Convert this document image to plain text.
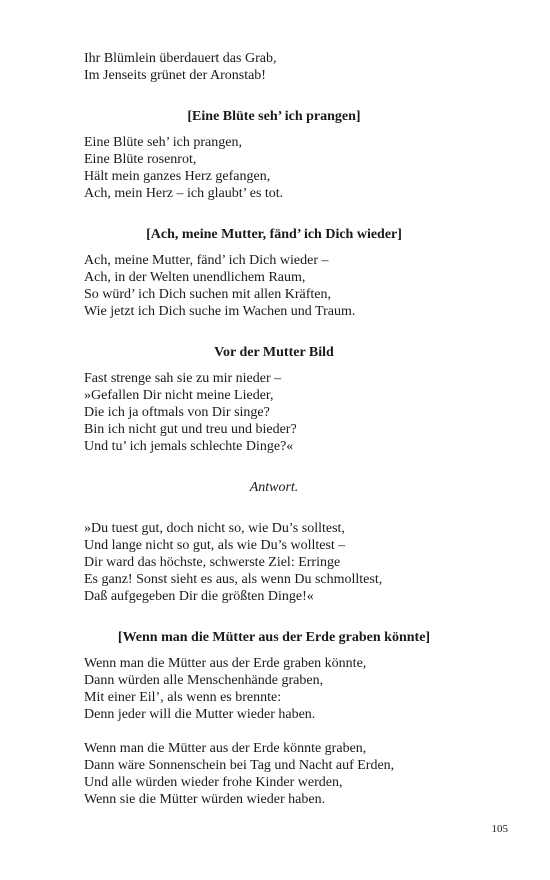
Ihr Blümlein überdauert das Grab,
Im Jenseits grünet der Aronstab!
[Eine Blüte seh’ ich prangen]
Eine Blüte seh’ ich prangen,
Eine Blüte rosenrot,
Hält mein ganzes Herz gefangen,
Ach, mein Herz – ich glaubt’ es tot.
[Ach, meine Mutter, fänd’ ich Dich wieder]
Ach, meine Mutter, fänd’ ich Dich wieder –
Ach, in der Welten unendlichem Raum,
So würd’ ich Dich suchen mit allen Kräften,
Wie jetzt ich Dich suche im Wachen und Traum.
Vor der Mutter Bild
Fast strenge sah sie zu mir nieder –
»Gefallen Dir nicht meine Lieder,
Die ich ja oftmals von Dir singe?
Bin ich nicht gut und treu und bieder?
Und tu’ ich jemals schlechte Dinge?«
Antwort.
»Du tuest gut, doch nicht so, wie Du’s solltest,
Und lange nicht so gut, als wie Du’s wolltest –
Dir ward das höchste, schwerste Ziel: Erringe
Es ganz! Sonst sieht es aus, als wenn Du schmolltest,
Daß aufgegeben Dir die größten Dinge!«
[Wenn man die Mütter aus der Erde graben könnte]
Wenn man die Mütter aus der Erde graben könnte,
Dann würden alle Menschenhände graben,
Mit einer Eil’, als wenn es brennte:
Denn jeder will die Mutter wieder haben.
Wenn man die Mütter aus der Erde könnte graben,
Dann wäre Sonnenschein bei Tag und Nacht auf Erden,
Und alle würden wieder frohe Kinder werden,
Wenn sie die Mütter würden wieder haben.
105
